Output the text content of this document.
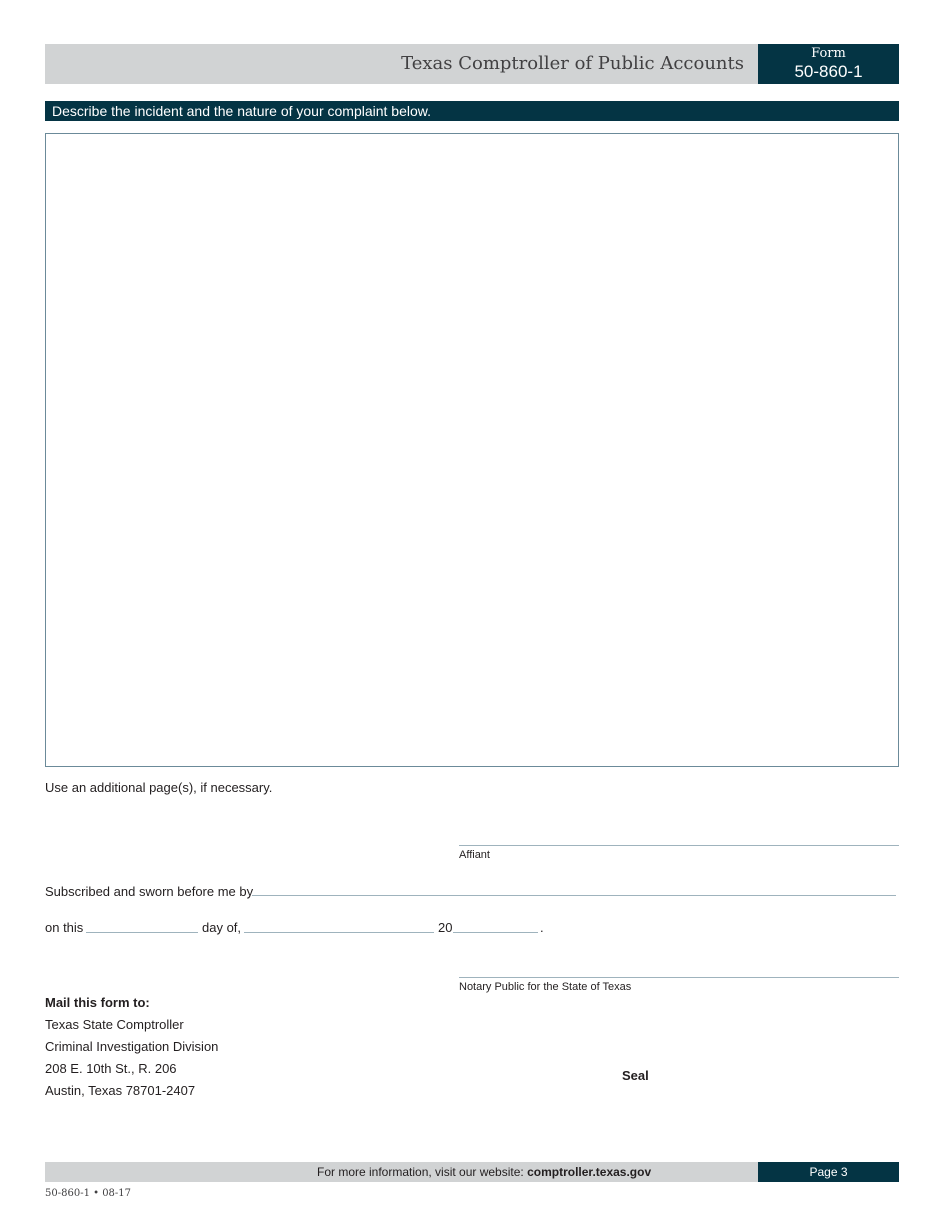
Texas Comptroller of Public Accounts	Form
50-860-1
Describe the incident and the nature of your complaint below.
Use an additional page(s), if necessary.
Affiant
Subscribed and sworn before me by
on this	day of,	20	.
Notary Public for the State of Texas
Mail this form to:
Texas State Comptroller
Criminal Investigation Division
208 E. 10th St., R. 206
Austin, Texas 78701-2407
Seal
For more information, visit our website: comptroller.texas.gov	Page 3
50-860-1 • 08-17
